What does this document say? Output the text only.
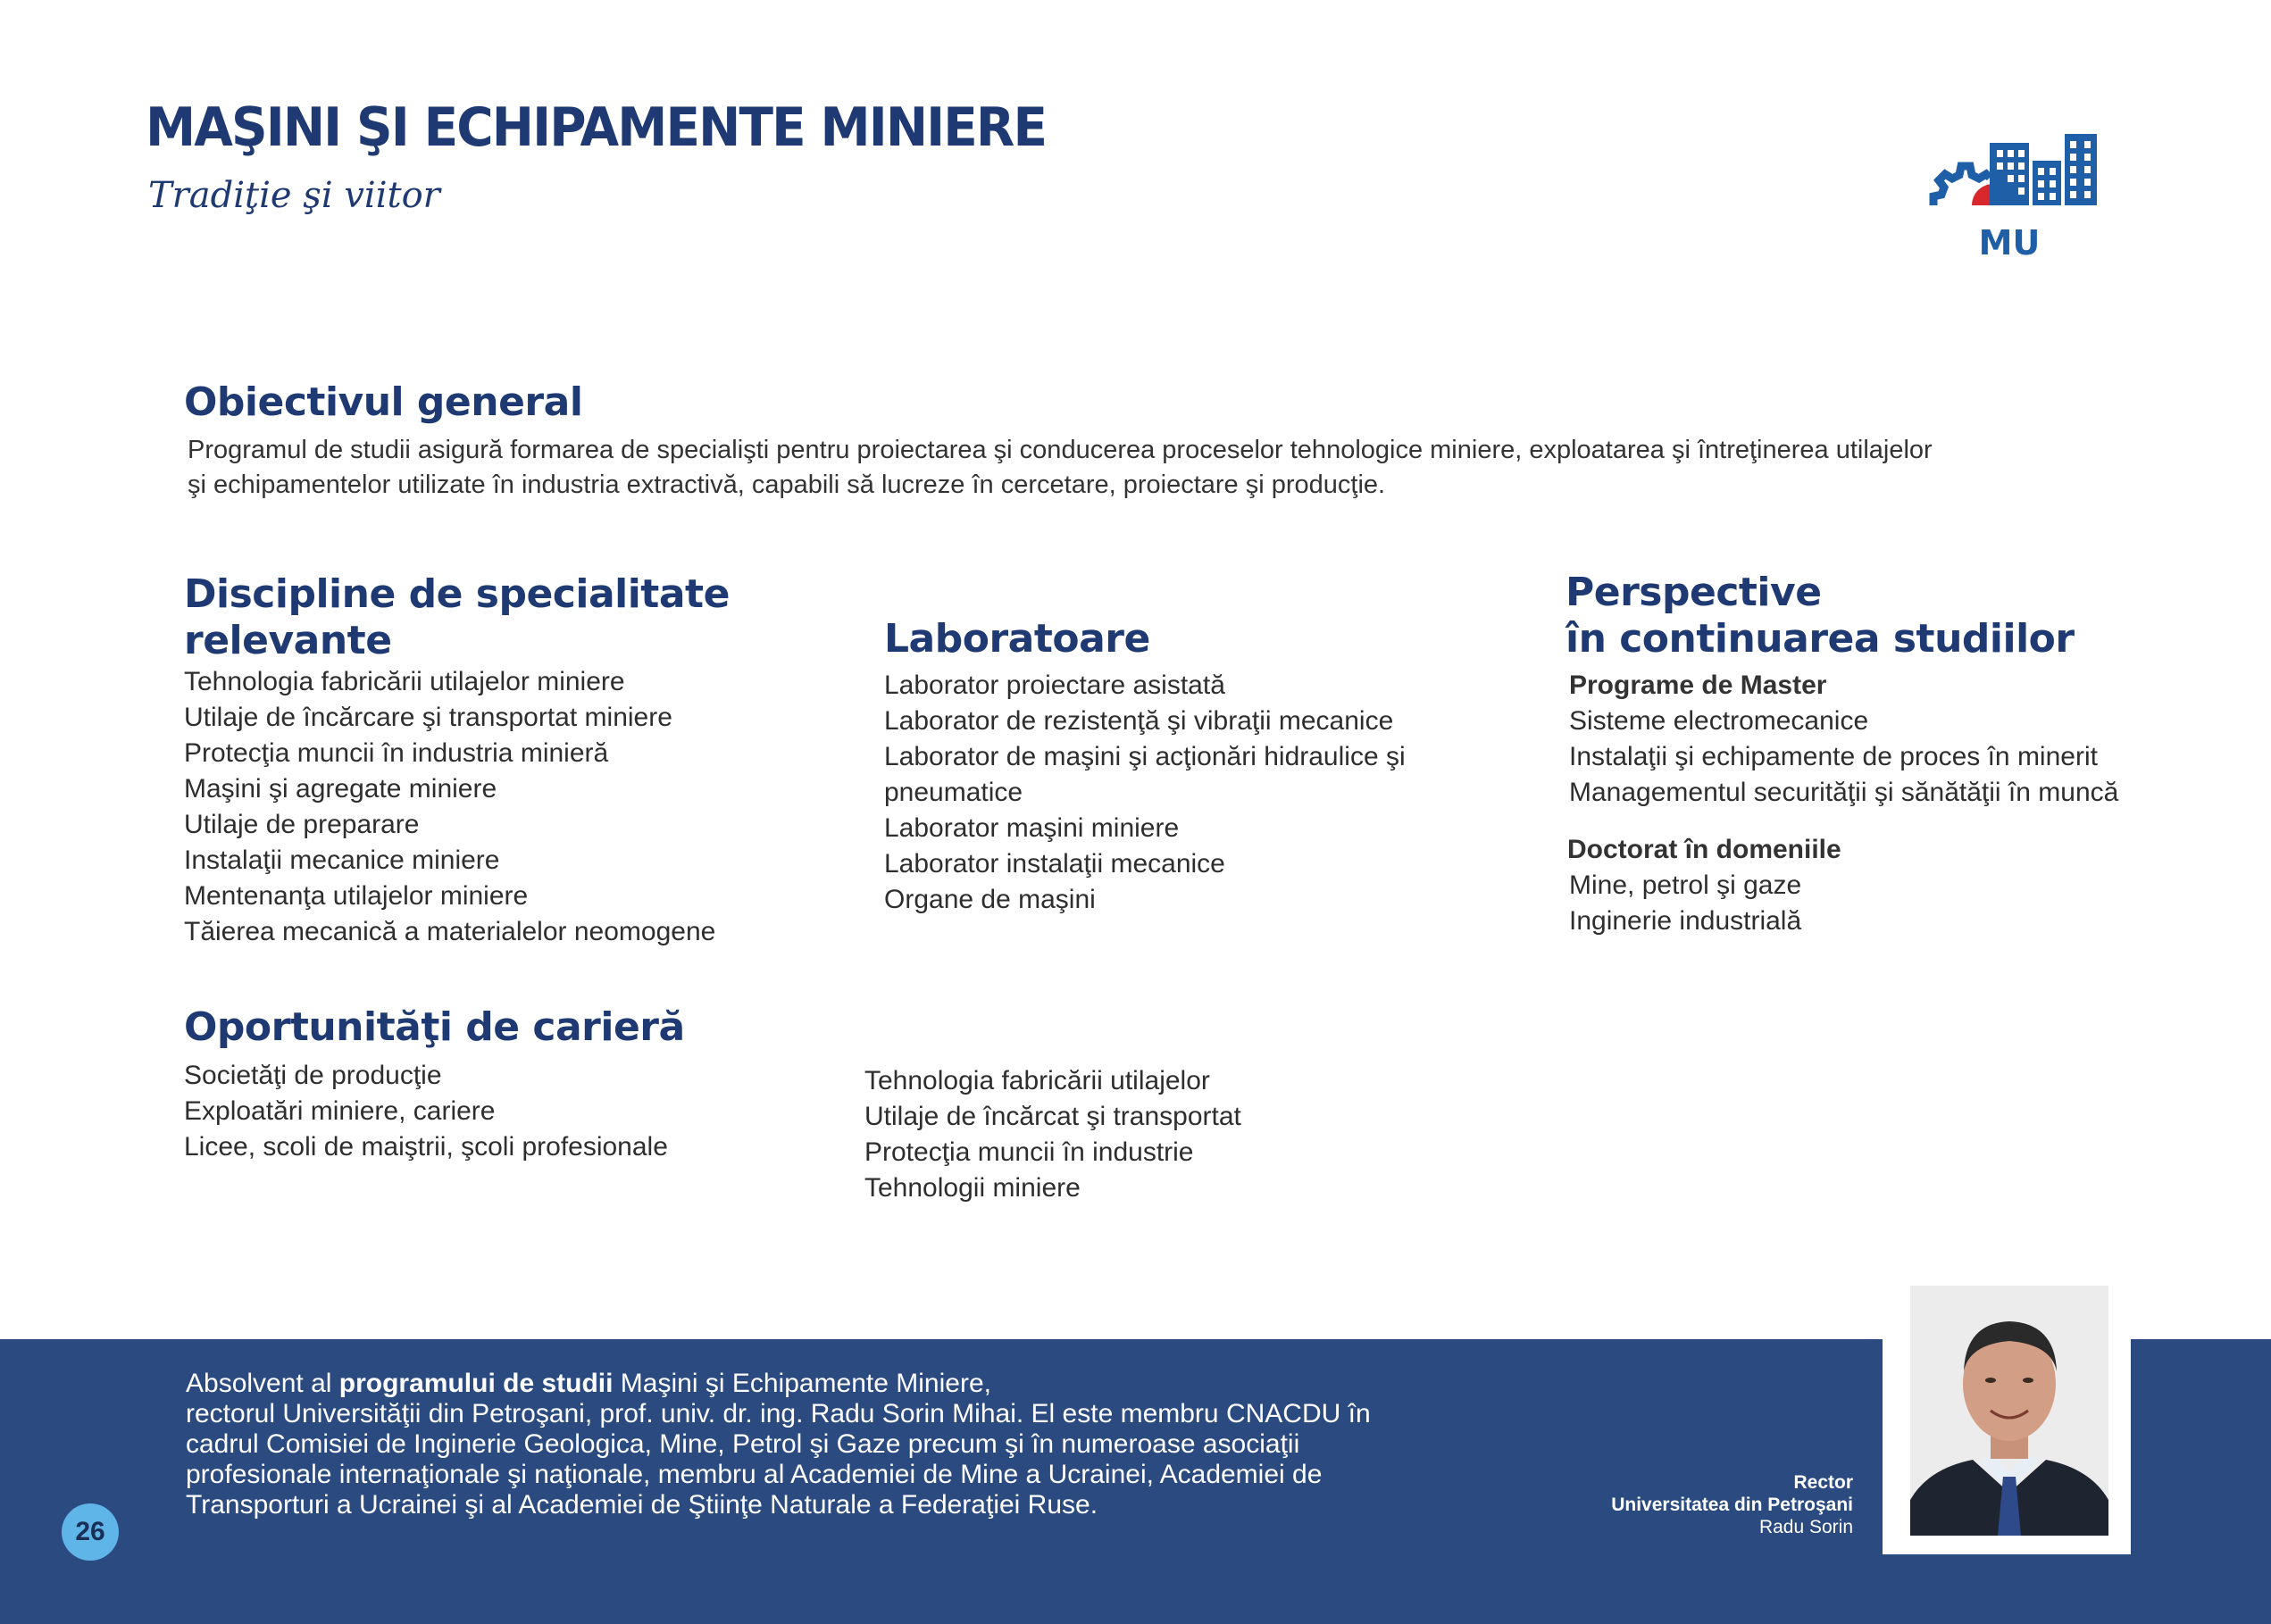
MAŞINI ŞI ECHIPAMENTE MINIERE
Tradiţie şi viitor
MU
Obiectivul general
Programul de studii asigură formarea de specialişti pentru proiectarea şi conducerea proceselor tehnologice miniere, exploatarea şi întreţinerea utilajelor
şi echipamentelor utilizate în industria extractivă, capabili să lucreze în cercetare, proiectare şi producţie.
Discipline de specialitate
relevante
Tehnologia fabricării utilajelor miniere
Utilaje de încărcare şi transportat miniere
Protecţia muncii în industria minieră
Maşini şi agregate miniere
Utilaje de preparare
Instalaţii mecanice miniere
Mentenanţa utilajelor miniere
Tăierea mecanică a materialelor neomogene
Laboratoare
Laborator proiectare asistată
Laborator de rezistenţă şi vibraţii mecanice
Laborator de maşini şi acţionări hidraulice şi pneumatice
Laborator maşini miniere
Laborator instalaţii mecanice
Organe de maşini
Perspective
în continuarea studiilor
Programe de Master
Sisteme electromecanice
Instalaţii şi echipamente de proces în minerit
Managementul securităţii şi sănătăţii în muncă
Doctorat în domeniile
Mine, petrol şi gaze
Inginerie industrială
Oportunităţi de carieră
Societăţi de producţie
Exploatări miniere, cariere
Licee, scoli de maiştrii, şcoli profesionale
Tehnologia fabricării utilajelor
Utilaje de încărcat şi transportat
Protecţia muncii în industrie
Tehnologii miniere
Absolvent al programului de studii Maşini şi Echipamente Miniere,
rectorul Universităţii din Petroşani, prof. univ. dr. ing. Radu Sorin Mihai. El este membru CNACDU în
cadrul Comisiei de Inginerie Geologica, Mine, Petrol şi Gaze precum şi în numeroase asociaţii
profesionale internaţionale şi naţionale, membru al Academiei de Mine a Ucrainei, Academiei de
Transporturi a Ucrainei şi al Academiei de Ştiinţe Naturale a Federaţiei Ruse.
26
Rector
Universitatea din Petroşani
Radu Sorin
